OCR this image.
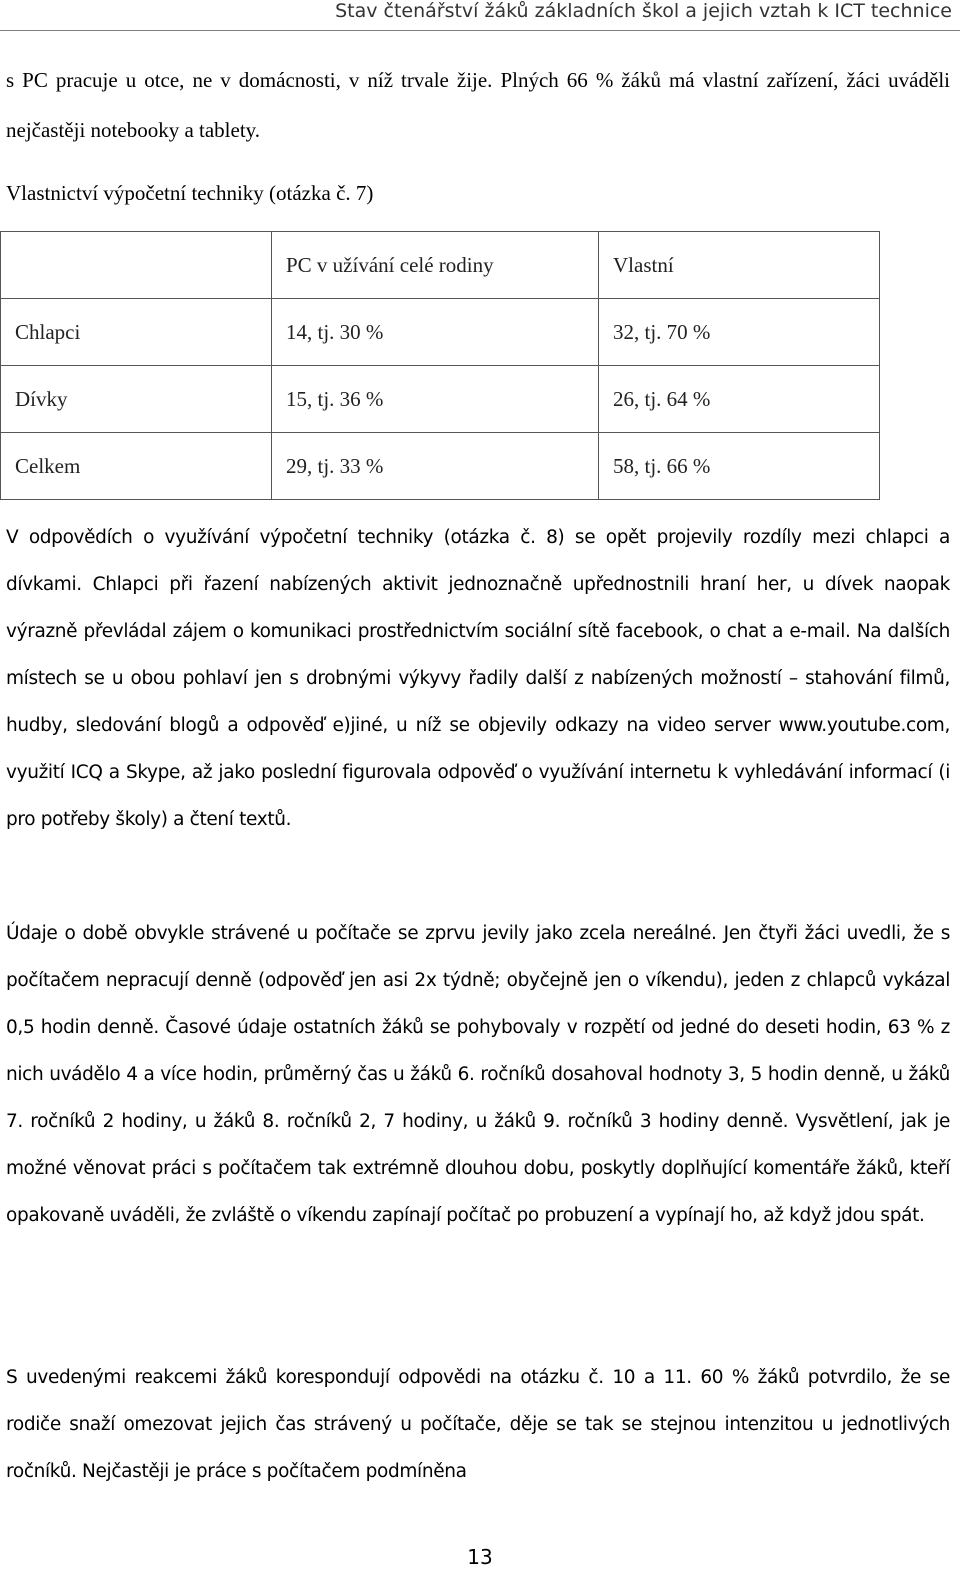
Stav čtenářství žáků základních škol a jejich vztah k ICT technice

s PC pracuje u otce, ne v domácnosti, v níž trvale žije. Plných 66 % žáků má vlastní zařízení, žáci uváděli nejčastěji notebooky a tablety.

Vlastnictví výpočetní techniky (otázka č. 7)
	PC v užívání celé rodiny	Vlastní
Chlapci	14, tj. 30 %	32, tj. 70 %
Dívky	15, tj. 36 %	26, tj. 64 %
Celkem	29, tj. 33 %	58, tj. 66 %

V odpovědích o využívání výpočetní techniky (otázka č. 8) se opět projevily rozdíly mezi chlapci a dívkami. Chlapci při řazení nabízených aktivit jednoznačně upřednostnili hraní her, u dívek naopak výrazně převládal zájem o komunikaci prostřednictvím sociální sítě facebook, o chat a e-mail. Na dalších místech se u obou pohlaví jen s drobnými výkyvy řadily další z nabízených možností – stahování filmů, hudby, sledování blogů a odpověď e)jiné, u níž se objevily odkazy na video server www.youtube.com, využití ICQ a Skype, až jako poslední figurovala odpověď o využívání internetu k vyhledávání informací (i pro potřeby školy) a čtení textů.

Údaje o době obvykle strávené u počítače se zprvu jevily jako zcela nereálné. Jen čtyři žáci uvedli, že s počítačem nepracují denně (odpověď jen asi 2x týdně; obyčejně jen o víkendu), jeden z chlapců vykázal 0,5 hodin denně. Časové údaje ostatních žáků se pohybovaly v rozpětí od jedné do deseti hodin, 63 % z nich uvádělo 4 a více hodin, průměrný čas u žáků 6. ročníků dosahoval hodnoty 3, 5 hodin denně, u žáků 7. ročníků 2 hodiny, u žáků 8. ročníků 2, 7 hodiny, u žáků 9. ročníků 3 hodiny denně. Vysvětlení, jak je možné věnovat práci s počítačem tak extrémně dlouhou dobu, poskytly doplňující komentáře žáků, kteří opakovaně uváděli, že zvláště o víkendu zapínají počítač po probuzení a vypínají ho, až když jdou spát.

S uvedenými reakcemi žáků korespondují odpovědi na otázku č. 10 a 11. 60 % žáků potvrdilo, že se rodiče snaží omezovat jejich čas strávený u počítače, děje se tak se stejnou intenzitou u jednotlivých ročníků. Nejčastěji je práce s počítačem podmíněna

13
